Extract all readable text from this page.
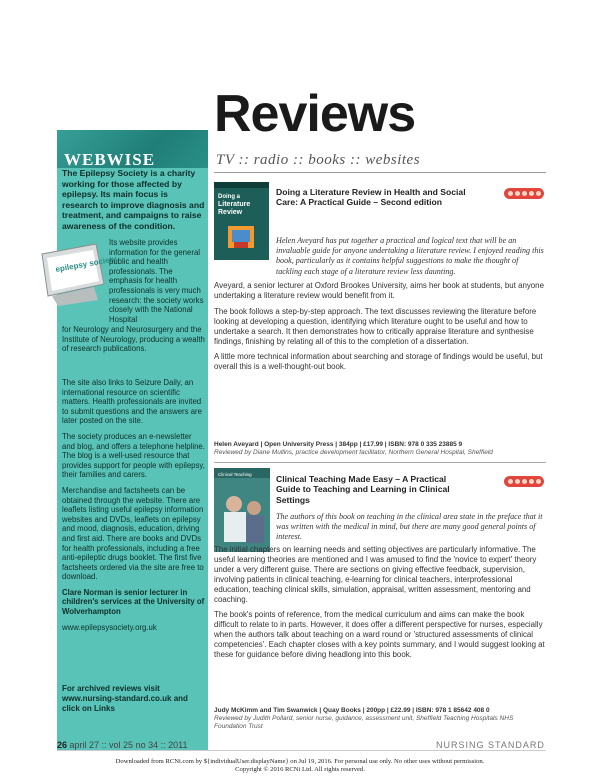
WEBWISE
The Epilepsy Society is a charity working for those affected by epilepsy. Its main focus is research to improve diagnosis and treatment, and campaigns to raise awareness of the condition.
epilepsy society
Its website provides information for the general public and health professionals. The emphasis for health professionals is very much research: the society works closely with the National Hospital
for Neurology and Neurosurgery and the Institute of Neurology, producing a wealth of research publications.

The site also links to Seizure Daily, an international resource on scientific matters. Health professionals are invited to submit questions and the answers are later posted on the site.

The society produces an e-newsletter and blog, and offers a telephone helpline. The blog is a well-used resource that provides support for people with epilepsy, their families and carers.

Merchandise and factsheets can be obtained through the website. There are leaflets listing useful epilepsy information websites and DVDs, leaflets on epilepsy and mood, diagnosis, education, driving and first aid. There are books and DVDs for health professionals, including a free anti-epileptic drugs booklet. The first five factsheets ordered via the site are free to download.

Clare Norman is senior lecturer in children's services at the University of Wolverhampton

www.epilepsysociety.org.uk

For archived reviews visit www.nursing-standard.co.uk and click on Links
Reviews
TV :: radio :: books :: websites
Doing a
Literature
Review
Doing a Literature Review in Health and Social Care: A Practical Guide – Second edition
Helen Aveyard has put together a practical and logical text that will be an invaluable guide for anyone undertaking a literature review. I enjoyed reading this book, particularly as it contains helpful suggestions to make the thought of tackling each stage of a literature review less daunting.

Aveyard, a senior lecturer at Oxford Brookes University, aims her book at students, but anyone undertaking a literature review would benefit from it.

The book follows a step-by-step approach. The text discusses reviewing the literature before looking at developing a question, identifying which literature ought to be useful and how to undertake a search. It then demonstrates how to critically appraise literature and synthesise findings, finishing by relating all of this to the completion of a dissertation.

A little more technical information about searching and storage of findings would be useful, but overall this is a well-thought-out book.

Helen Aveyard | Open University Press | 384pp | £17.99 | ISBN: 978 0 335 23885 9
Reviewed by Diane Mullins, practice development facilitator, Northern General Hospital, Sheffield
Clinical Teaching	Clinical Teaching Made Easy – A Practical Guide to Teaching and Learning in Clinical Settings
The authors of this book on teaching in the clinical area state in the preface that it was written with the medical in mind, but there are many good general points of interest.

The initial chapters on learning needs and setting objectives are particularly informative. The useful learning theories are mentioned and I was amused to find the 'novice to expert' theory under a very different guise. There are sections on giving effective feedback, supervision, involving patients in clinical teaching, e-learning for clinical teachers, interprofessional education, teaching clinical skills, simulation, appraisal, written assessment, mentoring and coaching.

The book's points of reference, from the medical curriculum and aims can make the book difficult to relate to in parts. However, it does offer a different perspective for nurses, especially when the authors talk about teaching on a ward round or 'structured assessments of clinical competencies'. Each chapter closes with a key points summary, and I would suggest looking at these for guidance before diving headlong into this book.

Judy McKimm and Tim Swanwick | Quay Books | 200pp | £22.99 | ISBN: 978 1 85642 408 0
Reviewed by Judith Pollard, senior nurse, guidance, assessment unit, Sheffield Teaching Hospitals NHS Foundation Trust
26 april 27 :: vol 25 no 34 :: 2011	NURSING STANDARD
Downloaded from RCNi.com by ${individualUser.displayName} on Jul 19, 2016. For personal use only. No other uses without permission.
Copyright © 2016 RCNi Ltd. All rights reserved.
